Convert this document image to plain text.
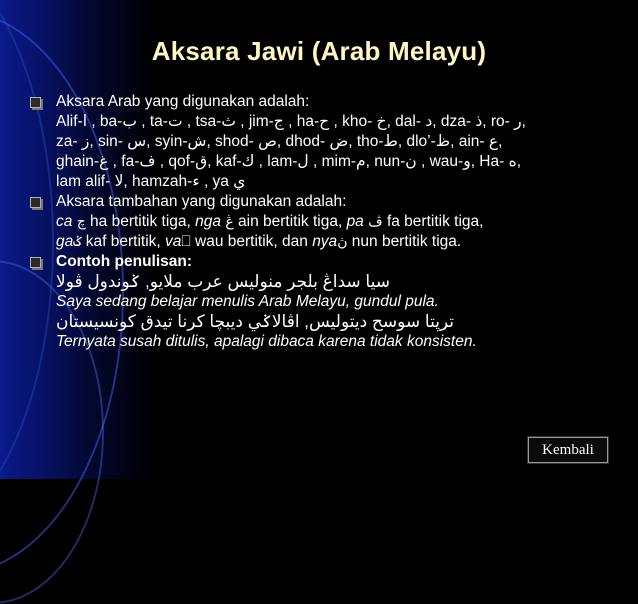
Aksara Jawi (Arab Melayu)
Aksara Arab yang digunakan adalah:
Alif-ا , ba-ب , ta-ت , tsa-ث , jim-ج , ha-ح , kho- خ, dal- د, dza- ذ, ro- ر,
za- ز, sin- س, syin-ش, shod- ص, dhod- ض, tho-ط, dlo’-ظ, ain- ع,
ghain-غ , fa-ف , qof-ق, kaf-ك , lam-ل , mim-م, nun-ن , wau-و, Ha- ه,
lam alif- لا, hamzah-ء , ya ي
Aksara tambahan yang digunakan adalah:
ca چ ha bertitik tiga, nga ڠ ain bertitik tiga, pa ڤ fa bertitik tiga,
gaݢ kaf bertitik, va⎕ wau bertitik, dan nyaڽ nun bertitik tiga.
Contoh penulisan:
سيا سداڠ بلجر منوليس عرب ملايو, ݢوندول ڤولا
Saya sedang belajar menulis Arab Melayu, gundul pula.
ترڽتا سوسح ديتوليس, اڤالاݢي ديبچا کرنا تيدق كونسيستان
Ternyata susah ditulis, apalagi dibaca karena tidak konsisten.
Kembali
